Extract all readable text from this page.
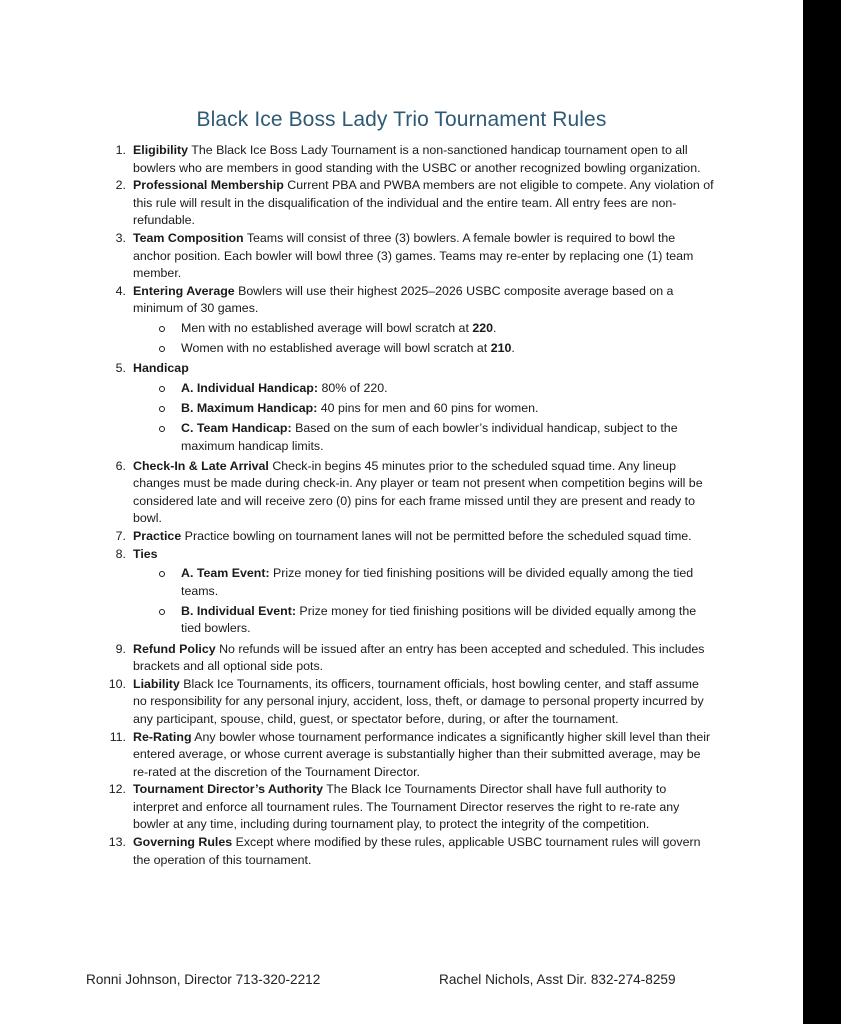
Black Ice Boss Lady Trio Tournament Rules
1. Eligibility The Black Ice Boss Lady Tournament is a non-sanctioned handicap tournament open to all bowlers who are members in good standing with the USBC or another recognized bowling organization.
2. Professional Membership Current PBA and PWBA members are not eligible to compete. Any violation of this rule will result in the disqualification of the individual and the entire team. All entry fees are non-refundable.
3. Team Composition Teams will consist of three (3) bowlers. A female bowler is required to bowl the anchor position. Each bowler will bowl three (3) games. Teams may re-enter by replacing one (1) team member.
4. Entering Average Bowlers will use their highest 2025–2026 USBC composite average based on a minimum of 30 games.
Men with no established average will bowl scratch at 220.
Women with no established average will bowl scratch at 210.
5. Handicap
A. Individual Handicap: 80% of 220.
B. Maximum Handicap: 40 pins for men and 60 pins for women.
C. Team Handicap: Based on the sum of each bowler’s individual handicap, subject to the maximum handicap limits.
6. Check-In & Late Arrival Check-in begins 45 minutes prior to the scheduled squad time. Any lineup changes must be made during check-in. Any player or team not present when competition begins will be considered late and will receive zero (0) pins for each frame missed until they are present and ready to bowl.
7. Practice Practice bowling on tournament lanes will not be permitted before the scheduled squad time.
8. Ties
A. Team Event: Prize money for tied finishing positions will be divided equally among the tied teams.
B. Individual Event: Prize money for tied finishing positions will be divided equally among the tied bowlers.
9. Refund Policy No refunds will be issued after an entry has been accepted and scheduled. This includes brackets and all optional side pots.
10. Liability Black Ice Tournaments, its officers, tournament officials, host bowling center, and staff assume no responsibility for any personal injury, accident, loss, theft, or damage to personal property incurred by any participant, spouse, child, guest, or spectator before, during, or after the tournament.
11. Re-Rating Any bowler whose tournament performance indicates a significantly higher skill level than their entered average, or whose current average is substantially higher than their submitted average, may be re-rated at the discretion of the Tournament Director.
12. Tournament Director’s Authority The Black Ice Tournaments Director shall have full authority to interpret and enforce all tournament rules. The Tournament Director reserves the right to re-rate any bowler at any time, including during tournament play, to protect the integrity of the competition.
13. Governing Rules Except where modified by these rules, applicable USBC tournament rules will govern the operation of this tournament.
Ronni Johnson, Director 713-320-2212	Rachel Nichols, Asst Dir. 832-274-8259
